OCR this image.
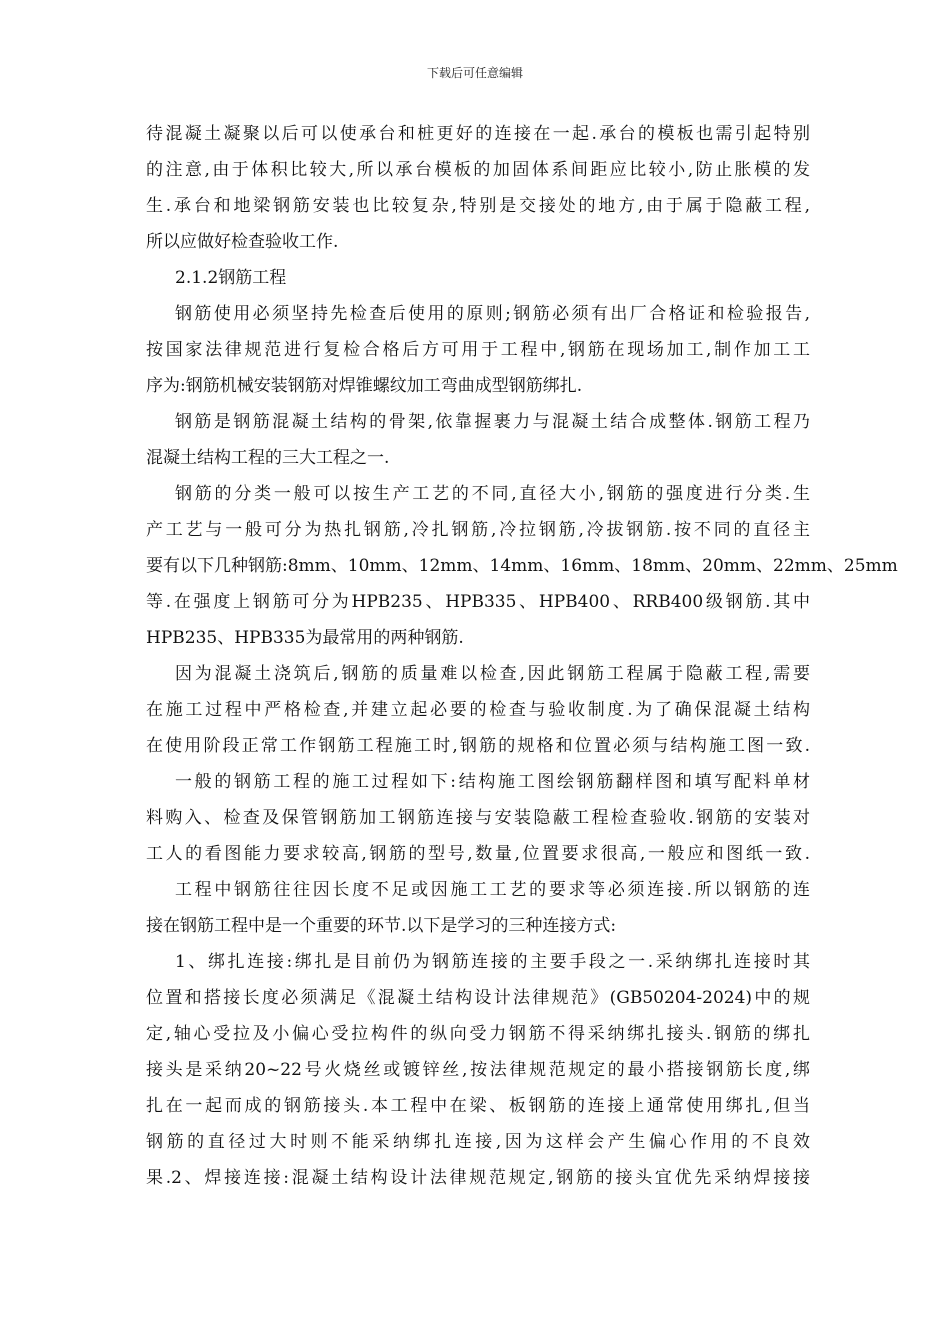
下载后可任意编辑
待混凝土凝聚以后可以使承台和桩更好的连接在一起.承台的模板也需引起特别
的注意,由于体积比较大,所以承台模板的加固体系间距应比较小,防止胀模的发
生.承台和地梁钢筋安装也比较复杂,特别是交接处的地方,由于属于隐蔽工程,
所以应做好检查验收工作.
2.1.2钢筋工程
钢筋使用必须坚持先检查后使用的原则;钢筋必须有出厂合格证和检验报告,
按国家法律规范进行复检合格后方可用于工程中,钢筋在现场加工,制作加工工
序为:钢筋机械安装钢筋对焊锥螺纹加工弯曲成型钢筋绑扎.
钢筋是钢筋混凝土结构的骨架,依靠握裹力与混凝土结合成整体.钢筋工程乃
混凝土结构工程的三大工程之一.
钢筋的分类一般可以按生产工艺的不同,直径大小,钢筋的强度进行分类.生
产工艺与一般可分为热扎钢筋,冷扎钢筋,冷拉钢筋,冷拔钢筋.按不同的直径主
要有以下几种钢筋:8mm、10mm、12mm、14mm、16mm、18mm、20mm、22mm、25mm
等.在强度上钢筋可分为HPB235、HPB335、HPB400、RRB400级钢筋.其中
HPB235、HPB335为最常用的两种钢筋.
因为混凝土浇筑后,钢筋的质量难以检查,因此钢筋工程属于隐蔽工程,需要
在施工过程中严格检查,并建立起必要的检查与验收制度.为了确保混凝土结构
在使用阶段正常工作钢筋工程施工时,钢筋的规格和位置必须与结构施工图一致.
一般的钢筋工程的施工过程如下:结构施工图绘钢筋翻样图和填写配料单材
料购入、检查及保管钢筋加工钢筋连接与安装隐蔽工程检查验收.钢筋的安装对
工人的看图能力要求较高,钢筋的型号,数量,位置要求很高,一般应和图纸一致.
工程中钢筋往往因长度不足或因施工工艺的要求等必须连接.所以钢筋的连
接在钢筋工程中是一个重要的环节.以下是学习的三种连接方式:
1、绑扎连接:绑扎是目前仍为钢筋连接的主要手段之一.采纳绑扎连接时其
位置和搭接长度必须满足《混凝土结构设计法律规范》(GB50204-2024)中的规
定,轴心受拉及小偏心受拉构件的纵向受力钢筋不得采纳绑扎接头.钢筋的绑扎
接头是采纳20~22号火烧丝或镀锌丝,按法律规范规定的最小搭接钢筋长度,绑
扎在一起而成的钢筋接头.本工程中在梁、板钢筋的连接上通常使用绑扎,但当
钢筋的直径过大时则不能采纳绑扎连接,因为这样会产生偏心作用的不良效
果.2、焊接连接:混凝土结构设计法律规范规定,钢筋的接头宜优先采纳焊接接
